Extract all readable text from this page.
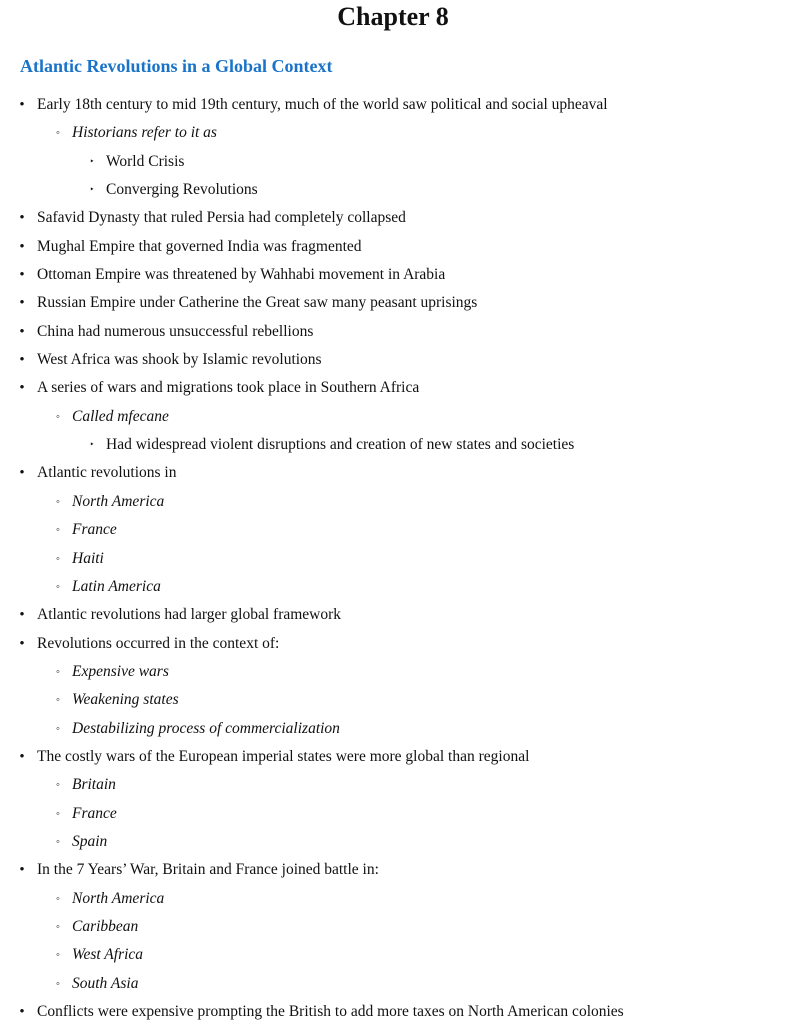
Chapter 8
Atlantic Revolutions in a Global Context
• Early 18th century to mid 19th century, much of the world saw political and social upheaval
◦ Historians refer to it as
‣ World Crisis
‣ Converging Revolutions
• Safavid Dynasty that ruled Persia had completely collapsed
• Mughal Empire that governed India was fragmented
• Ottoman Empire was threatened by Wahhabi movement in Arabia
• Russian Empire under Catherine the Great saw many peasant uprisings
• China had numerous unsuccessful rebellions
• West Africa was shook by Islamic revolutions
• A series of wars and migrations took place in Southern Africa
◦ Called mfecane
‣ Had widespread violent disruptions and creation of new states and societies
• Atlantic revolutions in
◦ North America
◦ France
◦ Haiti
◦ Latin America
• Atlantic revolutions had larger global framework
• Revolutions occurred in the context of:
◦ Expensive wars
◦ Weakening states
◦ Destabilizing process of commercialization
• The costly wars of the European imperial states were more global than regional
◦ Britain
◦ France
◦ Spain
• In the 7 Years’ War, Britain and France joined battle in:
◦ North America
◦ Caribbean
◦ West Africa
◦ South Asia
• Conflicts were expensive prompting the British to add more taxes on North American colonies
